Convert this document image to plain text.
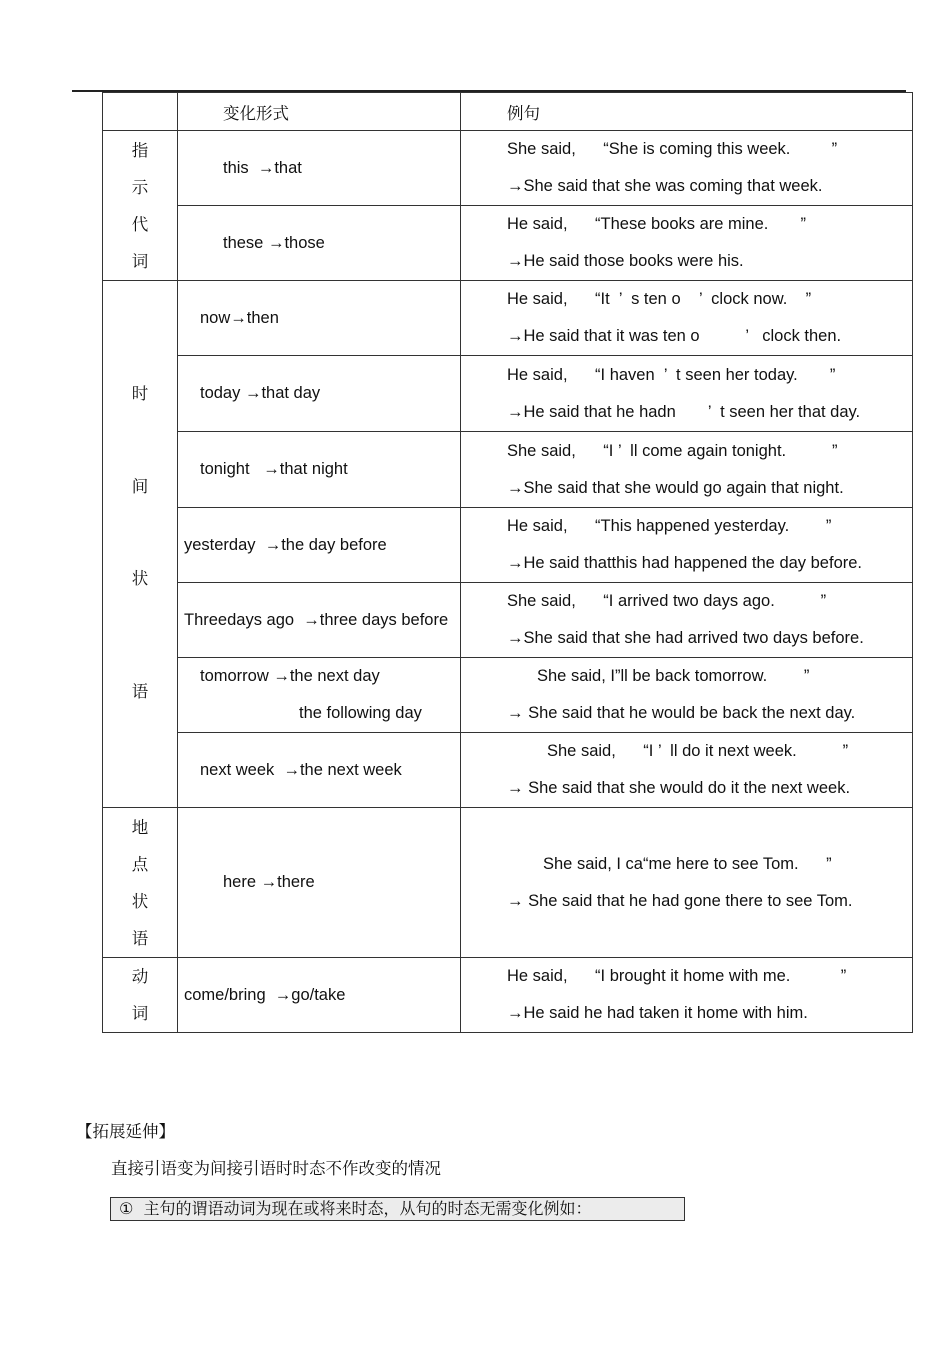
	变化形式	例句

指
示
代
词	this  →that	She said,      “She is coming this week.         ”
→She said that she was coming that week.

	these →those	He said,      “These books are mine.       ”
→He said those books were his.

时
间
状
语	now→then	He said,      “It  ’  s ten o    ’  clock now.    ”
→He said that it was ten o          ’   clock then.

	today →that day	He said,      “I haven  ’  t seen her today.       ”
→He said that he hadn       ’  t seen her that day.

	tonight   →that night	She said,      “I ’  ll come again tonight.          ”
→She said that she would go again that night.

	yesterday  →the day before	He said,      “This happened yesterday.        ”
→He said thatthis had happened the day before.

	Threedays ago  →three days before	She said,      “I arrived two days ago.          ”
→She said that she had arrived two days before.

	tomorrow →the next day
the following day	She said, I”ll be back tomorrow.        ”
→ She said that he would be back the next day.

	next week  →the next week	She said,      “I ’  ll do it next week.          ”
→ She said that she would do it the next week.

地
点
状
语	here →there	She said, I ca“me here to see Tom.      ”
→ She said that he had gone there to see Tom.

动
词	come/bring  →go/take	He said,      “I brought it home with me.           ”
→He said he had taken it home with him.
【拓展延伸】
直接引语变为间接引语时时态不作改变的情况
①  主句的谓语动词为现在或将来时态，从句的时态无需变化例如：
